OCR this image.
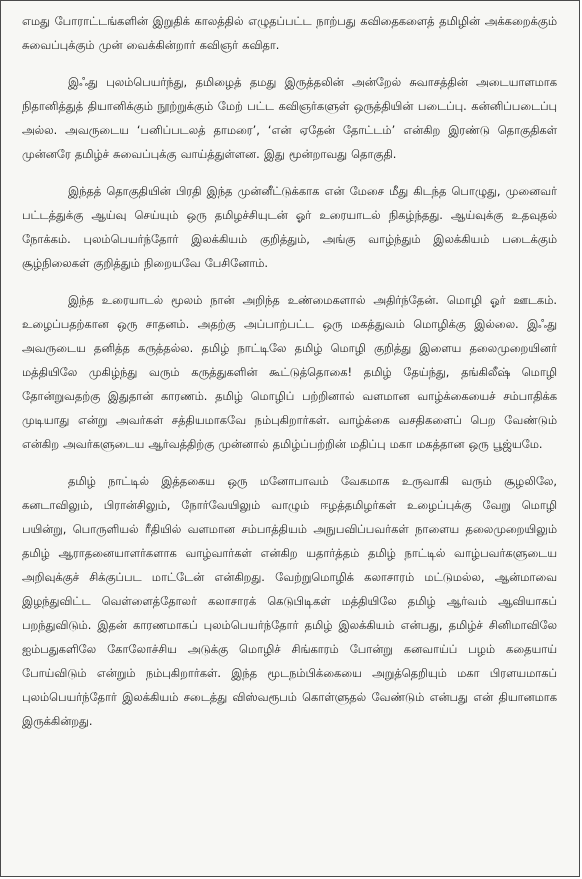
எமது போராட்டங்களின் இறுதிக் காலத்தில் எழுதப்பட்ட நாற்பது கவிதைகளைத் தமிழின் அக்கறைக்கும் சுவைப்புக்கும் முன் வைக்கின்றார் கவிஞர் கவிதா.

இஃது புலம்பெயர்ந்து, தமிழைத் தமது இருத்தலின் அன்றேல் சுவாசத்தின் அடையாளமாக நிதானித்துத் தியானிக்கும் நூற்றுக்கும் மேற் பட்ட கவிஞர்களுள் ஒருத்தியின் படைப்பு. கன்னிப்படைப்பு அல்ல. அவருடைய ‘பனிப்படலத் தாமரை’, ‘என் ஏதேன் தோட்டம்’ என்கிற இரண்டு தொகுதிகள் முன்னரே தமிழ்ச் சுவைப்புக்கு வாய்த்துள்ளன. இது மூன்றாவது தொகுதி.

இந்தத் தொகுதியின் பிரதி இந்த முன்னீட்டுக்காக என் மேசை மீது கிடந்த பொழுது, முனைவர் பட்டத்துக்கு ஆய்வு செய்யும் ஒரு தமிழச்சியுடன் ஓர் உரையாடல் நிகழ்ந்தது. ஆய்வுக்கு உதவுதல் நோக்கம். புலம்பெயர்ந்தோர் இலக்கியம் குறித்தும், அங்கு வாழ்ந்தும் இலக்கியம் படைக்கும் சூழ்நிலைகள் குறித்தும் நிறையவே பேசினோம்.

இந்த உரையாடல் மூலம் நான் அறிந்த உண்மைகளால் அதிர்ந்தேன். மொழி ஓர் ஊடகம். உழைப்பதற்கான ஒரு சாதனம். அதற்கு அப்பாற்பட்ட ஒரு மகத்துவம் மொழிக்கு இல்லை. இஃது அவருடைய தனித்த கருத்தல்ல. தமிழ் நாட்டிலே தமிழ் மொழி குறித்து இளைய தலைமுறையினர் மத்தியிலே முகிழ்ந்து வரும் கருத்துகளின் கூட்டுத்தொகை! தமிழ் தேய்ந்து, தங்கிலீஷ் மொழி தோன்றுவதற்கு இதுதான் காரணம். தமிழ் மொழிப் பற்றினால் வளமான வாழ்க்கையைச் சம்பாதிக்க முடியாது என்று அவர்கள் சத்தியமாகவே நம்புகிறார்கள். வாழ்க்கை வசதிகளைப் பெற வேண்டும் என்கிற அவர்களுடைய ஆர்வத்திற்கு முன்னால் தமிழ்ப்பற்றின் மதிப்பு மகா மகத்தான ஒரு பூஜ்யமே.

தமிழ் நாட்டில் இத்தகைய ஒரு மனோபாவம் வேகமாக உருவாகி வரும் சூழலிலே, கனடாவிலும், பிரான்சிலும், நோர்வேயிலும் வாழும் ஈழத்தமிழர்கள் உழைப்புக்கு வேறு மொழி பயின்று, பொருளியல் ரீதியில் வளமான சம்பாத்தியம் அநுபவிப்பவர்கள் நாளைய தலைமுறையிலும் தமிழ் ஆராதனையாளர்களாக வாழ்வார்கள் என்கிற யதார்த்தம் தமிழ் நாட்டில் வாழ்பவர்களுடைய அறிவுக்குச் சிக்குப்பட மாட்டேன் என்கிறது. வேற்றுமொழிக் கலாசாரம் மட்டுமல்ல, ஆன்மாவை இழந்துவிட்ட வெள்ளைத்தோலர் கலாசாரக் கெடுபிடிகள் மத்தியிலே தமிழ் ஆர்வம் ஆவியாகப் பறந்துவிடும். இதன் காரணமாகப் புலம்பெயர்ந்தோர் தமிழ் இலக்கியம் என்பது, தமிழ்ச் சினிமாவிலே ஐம்பதுகளிலே கோலோச்சிய அடுக்கு மொழிச் சிங்காரம் போன்று கனவாய்ப் பழம் கதையாய் போய்விடும் என்றும் நம்புகிறார்கள். இந்த மூடநம்பிக்கையை அறுத்தெறியும் மகா பிரளயமாகப் புலம்பெயர்ந்தோர் இலக்கியம் சடைத்து விஸ்வரூபம் கொள்ளுதல் வேண்டும் என்பது என் தியானமாக இருக்கின்றது.
